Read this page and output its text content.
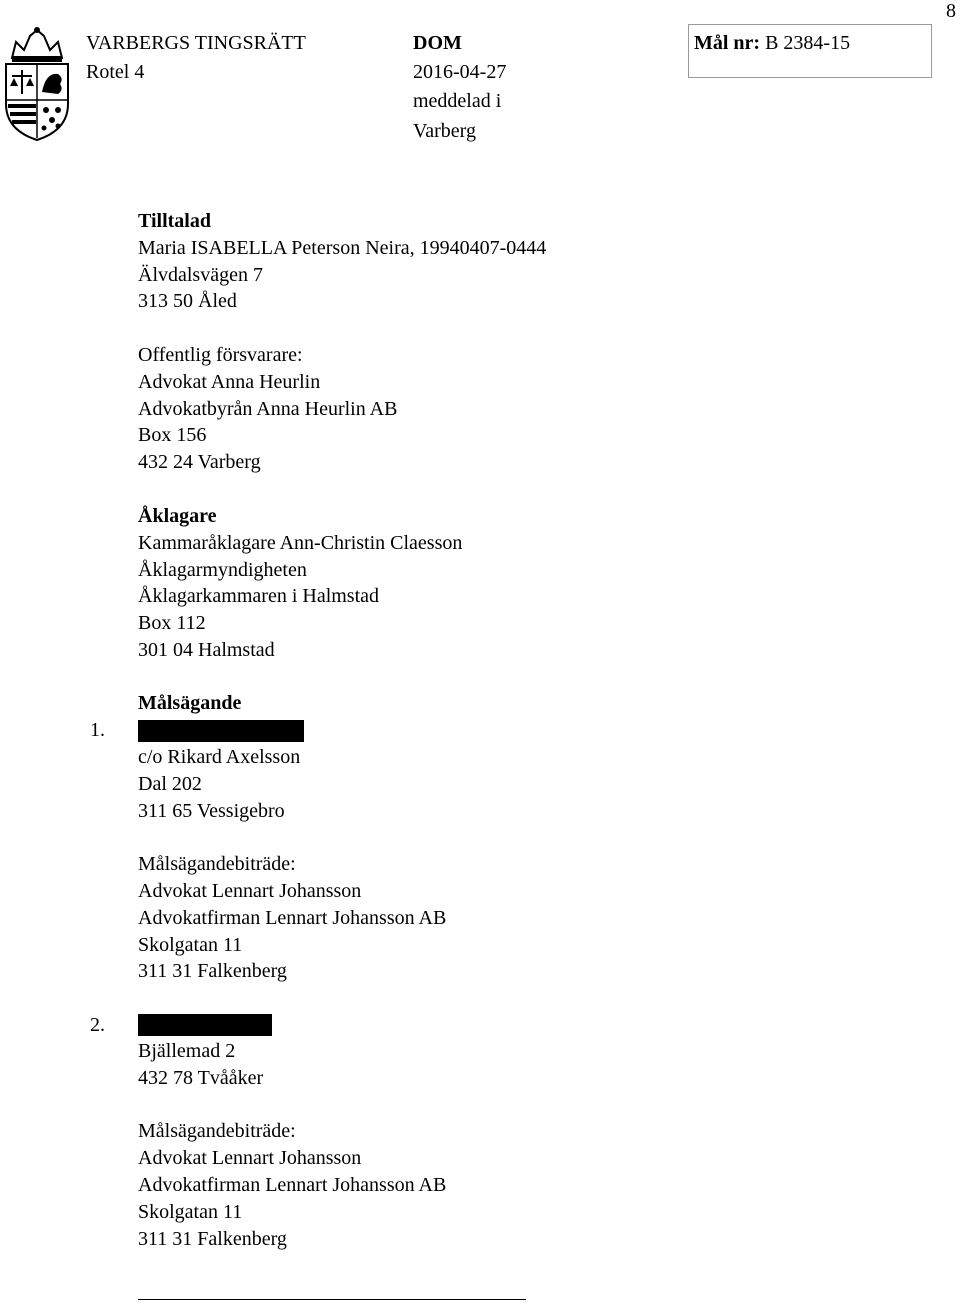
8
VARBERGS TINGSRÄTT
Rotel 4
DOM
2016-04-27
meddelad i
Varberg
Mål nr: B 2384-15
Tilltalad
Maria ISABELLA Peterson Neira, 19940407-0444
Älvdalsvägen 7
313 50 Åled
Offentlig försvarare:
Advokat Anna Heurlin
Advokatbyrån Anna Heurlin AB
Box 156
432 24 Varberg
Åklagare
Kammaråklagare Ann-Christin Claesson
Åklagarmyndigheten
Åklagarkammaren i Halmstad
Box 112
301 04 Halmstad
Målsägande
1.
c/o Rikard Axelsson
Dal 202
311 65 Vessigebro
Målsägandebiträde:
Advokat Lennart Johansson
Advokatfirman Lennart Johansson AB
Skolgatan 11
311 31 Falkenberg
2.
Bjällemad 2
432 78 Tvååker
Målsägandebiträde:
Advokat Lennart Johansson
Advokatfirman Lennart Johansson AB
Skolgatan 11
311 31 Falkenberg
